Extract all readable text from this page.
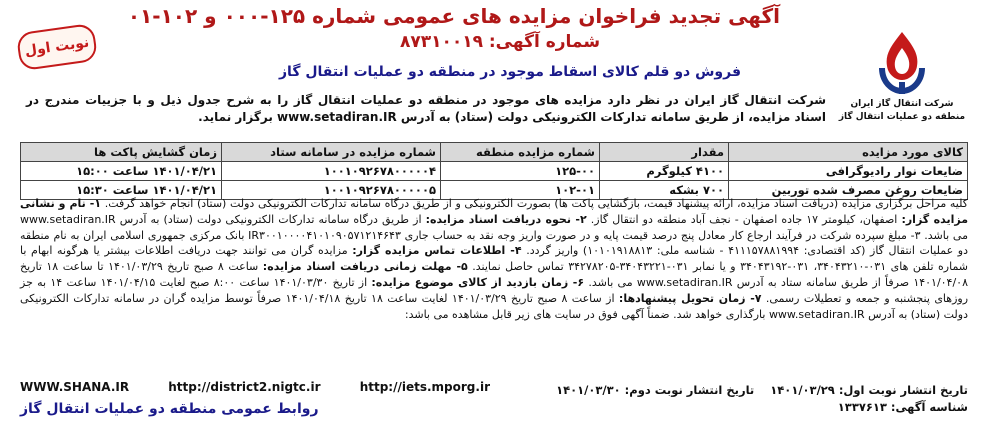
آگهی تجدید فراخوان مزایده های عمومی شماره ۱۲۵-۰۰۰ و ۱۰۲-۰۱
شماره آگهی: ۸۷۳۱۰۰۱۹
فروش دو قلم کالای اسقاط موجود در منطقه دو عملیات انتقال گاز
نوبت اول
شرکت انتقال گاز ایران
منطقه دو عملیات انتقال گاز
شرکت انتقال گاز ایران در نظر دارد مزایده های موجود در منطقه دو عملیات انتقال گاز را به شرح جدول ذیل و با جزییات مندرج در اسناد مزایده، از طریق سامانه تدارکات الکترونیکی دولت (ستاد) به آدرس www.setadiran.IR برگزار نماید.
کالای مورد مزایده	مقدار	شماره مزایده منطقه	شماره مزایده در سامانه ستاد	زمان گشایش پاکت ها
ضایعات نوار رادیوگرافی	۴۱۰۰ کیلوگرم	۱۲۵-۰۰	۱۰۰۱۰۹۲۶۷۸۰۰۰۰۰۴	۱۴۰۱/۰۴/۲۱ ساعت ۱۵:۰۰
ضایعات روغن مصرف شده توربین	۷۰۰ بشکه	۱۰۲-۰۱	۱۰۰۱۰۹۲۶۷۸۰۰۰۰۰۵	۱۴۰۱/۰۴/۲۱ ساعت ۱۵:۳۰
کلیه مراحل برگزاری مزایده (دریافت اسناد مزایده، ارائه پیشنهاد قیمت، بازگشایی پاکت ها) بصورت الکترونیکی و از طریق درگاه سامانه تدارکات الکترونیکی دولت (ستاد) انجام خواهد گرفت. ۱- نام و نشانی مزایده گزار: اصفهان، کیلومتر ۱۷ جاده اصفهان - نجف آباد منطقه دو انتقال گاز. ۲- نحوه دریافت اسناد مزایده: از طریق درگاه سامانه تدارکات الکترونیکی دولت (ستاد) به آدرس www.setadiran.IR می باشد. ۳- مبلغ سپرده شرکت در فرآیند ارجاع کار معادل پنج درصد قیمت پایه و در صورت واریز وجه نقد به حساب جاری IR۳۰۰۱۰۰۰۰۴۱۰۱۰۹۰۵۷۱۲۱۴۶۴۳ بانک مرکزی جمهوری اسلامی ایران به نام منطقه دو عملیات انتقال گاز (کد اقتصادی: ۴۱۱۱۵۷۸۸۱۹۹۴ - شناسه ملی: ۱۰۱۰۱۹۱۸۸۱۳) واریز گردد. ۴- اطلاعات تماس مزایده گزار: مزایده گران می توانند جهت دریافت اطلاعات بیشتر یا هرگونه ابهام با شماره تلفن های ۰۳۱-۳۴۰۴۳۲۱۰، ۰۳۱-۳۴۰۴۳۱۹۲ و یا نمابر ۰۳۱-۳۴۰۴۳۲۲۱-۳۴۲۷۸۲۰۵ تماس حاصل نمایند. ۵- مهلت زمانی دریافت اسناد مزایده: ساعت ۸ صبح تاریخ ۱۴۰۱/۰۳/۲۹ تا ساعت ۱۸ تاریخ ۱۴۰۱/۰۴/۰۸ صرفاً از طریق سامانه ستاد به آدرس www.setadiran.IR می باشد. ۶- زمان بازدید از کالای موضوع مزایده: از تاریخ ۱۴۰۱/۰۳/۳۰ ساعت ۸:۰۰ صبح لغایت ۱۴۰۱/۰۴/۱۵ ساعت ۱۴ به جز روزهای پنجشنبه و جمعه و تعطیلات رسمی. ۷- زمان تحویل پیشنهادها: از ساعت ۸ صبح تاریخ ۱۴۰۱/۰۳/۲۹ لغایت ساعت ۱۸ تاریخ ۱۴۰۱/۰۴/۱۸ صرفاً توسط مزایده گران در سامانه تدارکات الکترونیکی دولت (ستاد) به آدرس www.setadiran.IR بارگذاری خواهد شد. ضمناً آگهی فوق در سایت های زیر قابل مشاهده می باشد:
WWW.SHANA.IR	http://district2.nigtc.ir	http://iets.mporg.ir
روابط عمومی منطقه دو عملیات انتقال گاز
تاریخ انتشار نوبت اول: ۱۴۰۱/۰۳/۲۹    تاریخ انتشار نوبت دوم: ۱۴۰۱/۰۳/۳۰
شناسه آگهی: ۱۳۳۷۶۱۳
